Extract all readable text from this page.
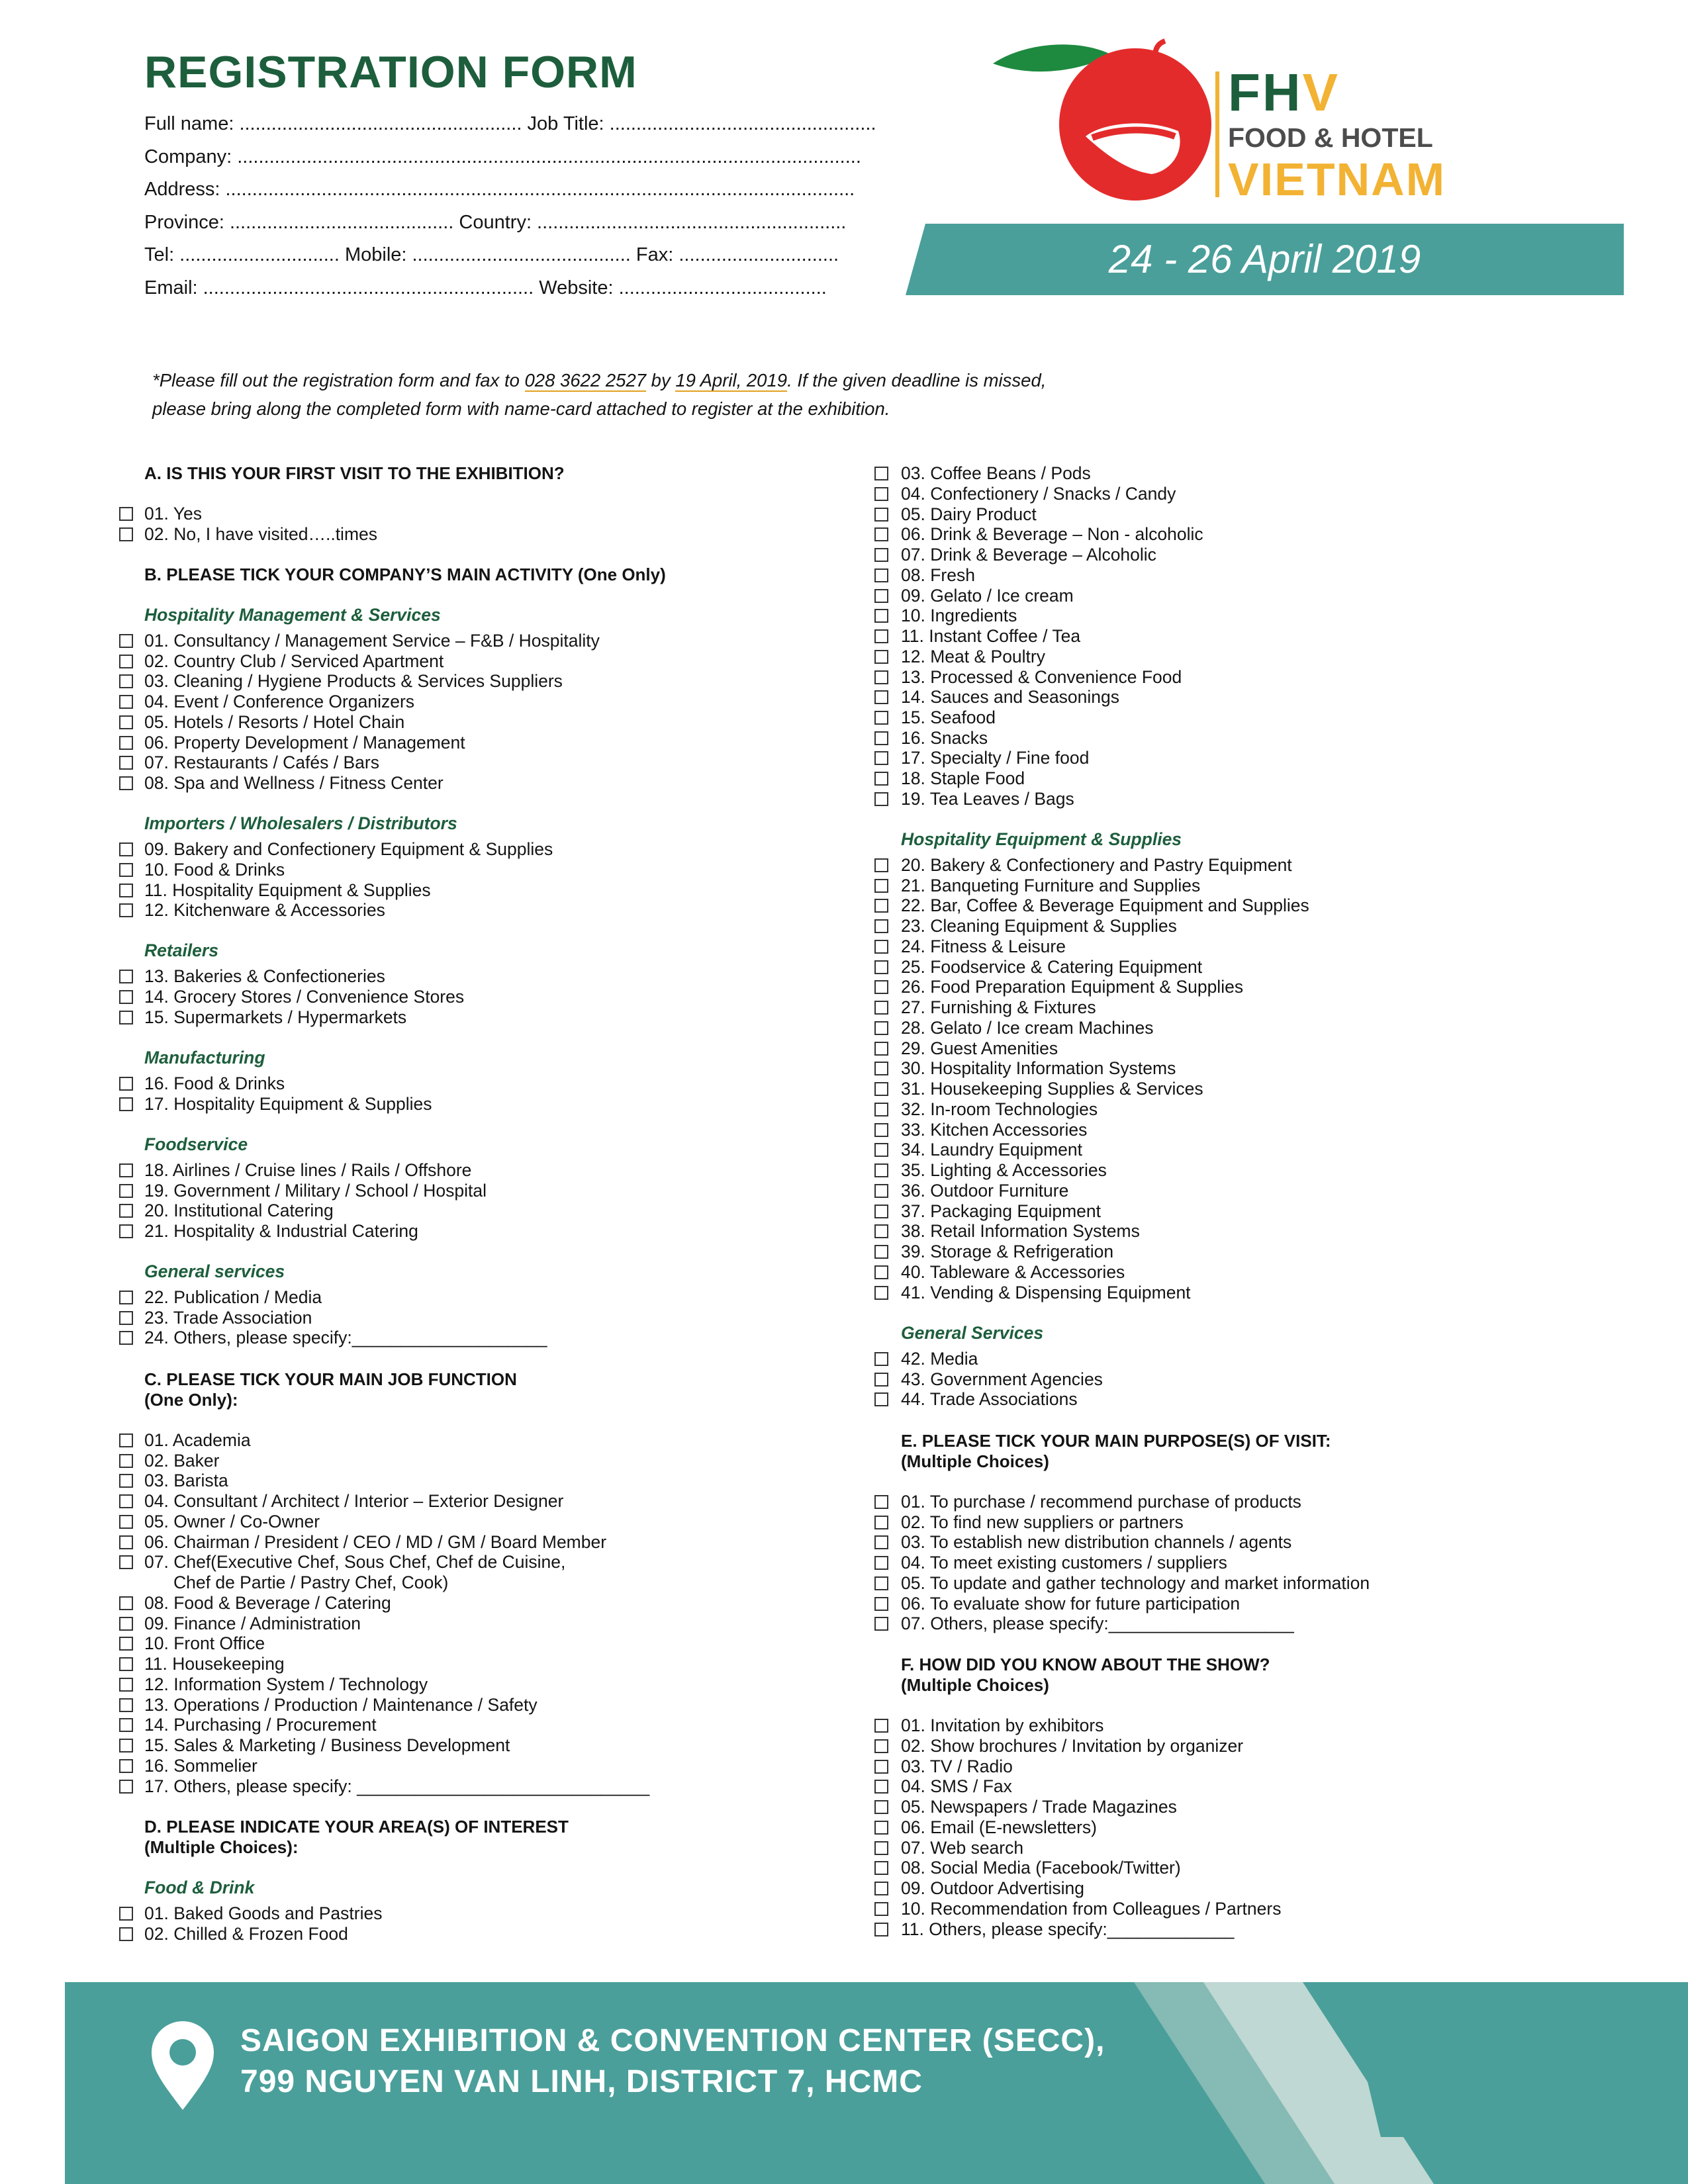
REGISTRATION FORM
Full name: ..................................................... Job Title: ..................................................
Company: .....................................................................................................................
Address: ......................................................................................................................
Province: .......................................... Country: ..........................................................
Tel: .............................. Mobile: ......................................... Fax: ..............................
Email: .............................................................. Website: .......................................
FHV
FOOD & HOTEL
VIETNAM
24 - 26 April 2019
*Please fill out the registration form and fax to 028 3622 2527 by 19 April, 2019. If the given deadline is missed,
please bring along the completed form with name-card attached to register at the exhibition.
A. IS THIS YOUR FIRST VISIT TO THE EXHIBITION?
01. Yes
02. No, I have visited…..times
B. PLEASE TICK YOUR COMPANY’S MAIN ACTIVITY (One Only)
Hospitality Management & Services
01. Consultancy / Management Service – F&B / Hospitality
02. Country Club / Serviced Apartment
03. Cleaning / Hygiene Products & Services Suppliers
04. Event / Conference Organizers
05. Hotels / Resorts / Hotel Chain
06. Property Development / Management
07. Restaurants / Cafés / Bars
08. Spa and Wellness / Fitness Center
Importers / Wholesalers / Distributors
09. Bakery and Confectionery Equipment & Supplies
10. Food & Drinks
11. Hospitality Equipment & Supplies
12. Kitchenware & Accessories
Retailers
13. Bakeries & Confectioneries
14. Grocery Stores / Convenience Stores
15. Supermarkets / Hypermarkets
Manufacturing
16. Food & Drinks
17. Hospitality Equipment & Supplies
Foodservice
18. Airlines / Cruise lines / Rails / Offshore
19. Government / Military / School / Hospital
20. Institutional Catering
21. Hospitality & Industrial Catering
General services
22. Publication / Media
23. Trade Association
24. Others, please specify:____________________
C. PLEASE TICK YOUR MAIN JOB FUNCTION
(One Only):
01. Academia
02. Baker
03. Barista
04. Consultant / Architect / Interior – Exterior Designer
05. Owner / Co-Owner
06. Chairman / President / CEO / MD / GM / Board Member
07. Chef(Executive Chef, Sous Chef, Chef de Cuisine,
Chef de Partie / Pastry Chef, Cook)
08. Food & Beverage / Catering
09. Finance / Administration
10. Front Office
11. Housekeeping
12. Information System / Technology
13. Operations / Production / Maintenance / Safety
14. Purchasing / Procurement
15. Sales & Marketing / Business Development
16. Sommelier
17. Others, please specify: ______________________________
D. PLEASE INDICATE YOUR AREA(S) OF INTEREST
(Multiple Choices):
Food & Drink
01. Baked Goods and Pastries
02. Chilled & Frozen Food
03. Coffee Beans / Pods
04. Confectionery / Snacks / Candy
05. Dairy Product
06. Drink & Beverage – Non - alcoholic
07. Drink & Beverage – Alcoholic
08. Fresh
09. Gelato / Ice cream
10. Ingredients
11. Instant Coffee / Tea
12. Meat & Poultry
13. Processed & Convenience Food
14. Sauces and Seasonings
15. Seafood
16. Snacks
17. Specialty / Fine food
18. Staple Food
19. Tea Leaves / Bags
Hospitality Equipment & Supplies
20. Bakery & Confectionery and Pastry Equipment
21. Banqueting Furniture and Supplies
22. Bar, Coffee & Beverage Equipment and Supplies
23. Cleaning Equipment & Supplies
24. Fitness & Leisure
25. Foodservice & Catering Equipment
26. Food Preparation Equipment & Supplies
27. Furnishing & Fixtures
28. Gelato / Ice cream Machines
29. Guest Amenities
30. Hospitality Information Systems
31. Housekeeping Supplies & Services
32. In-room Technologies
33. Kitchen Accessories
34. Laundry Equipment
35. Lighting & Accessories
36. Outdoor Furniture
37. Packaging Equipment
38. Retail Information Systems
39. Storage & Refrigeration
40. Tableware & Accessories
41. Vending & Dispensing Equipment
General Services
42. Media
43. Government Agencies
44. Trade Associations
E. PLEASE TICK YOUR MAIN PURPOSE(S) OF VISIT:
(Multiple Choices)
01. To purchase / recommend purchase of products
02. To find new suppliers or partners
03. To establish new distribution channels / agents
04. To meet existing customers / suppliers
05. To update and gather technology and market information
06. To evaluate show for future participation
07. Others, please specify:___________________
F. HOW DID YOU KNOW ABOUT THE SHOW?
(Multiple Choices)
01. Invitation by exhibitors
02. Show brochures / Invitation by organizer
03. TV / Radio
04. SMS / Fax
05. Newspapers / Trade Magazines
06. Email (E-newsletters)
07. Web search
08. Social Media (Facebook/Twitter)
09. Outdoor Advertising
10. Recommendation from Colleagues / Partners
11. Others, please specify:_____________
SAIGON EXHIBITION & CONVENTION CENTER (SECC),
799 NGUYEN VAN LINH, DISTRICT 7, HCMC	W
